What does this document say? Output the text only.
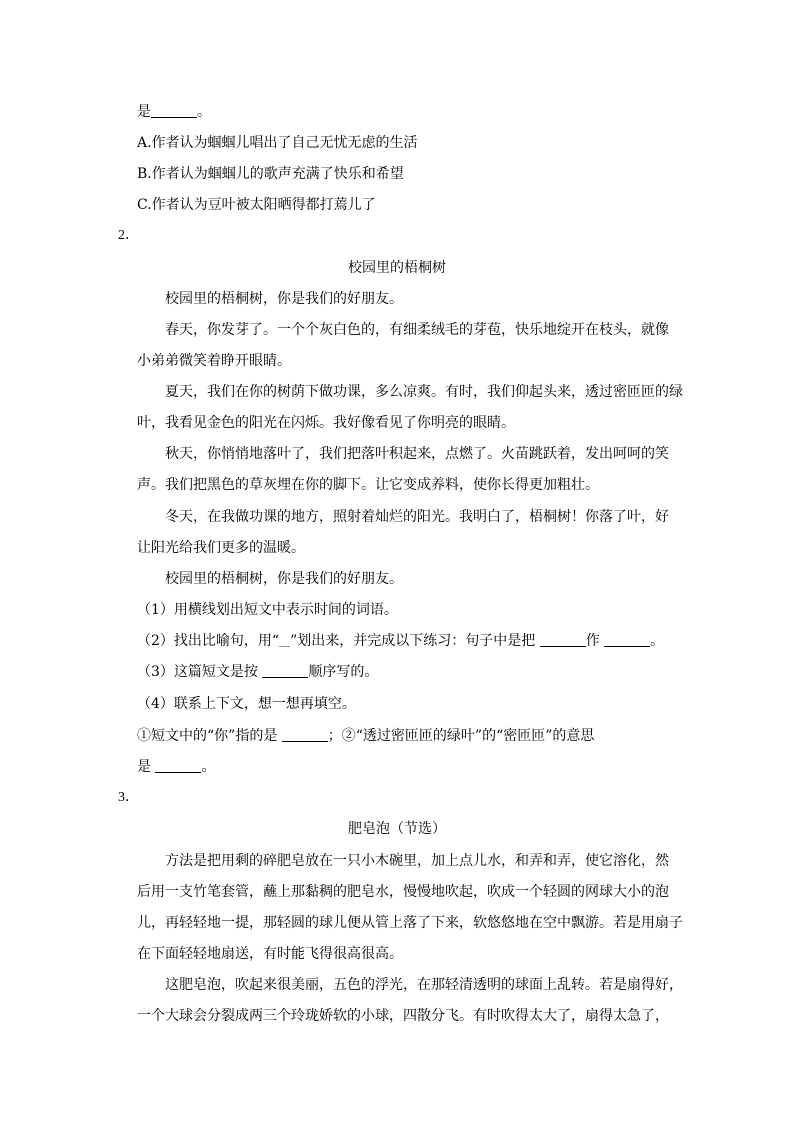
是	。
A.作者认为蝈蝈儿唱出了自己无忧无虑的生活
B.作者认为蝈蝈儿的歌声充满了快乐和希望
C.作者认为豆叶被太阳晒得都打蔫儿了
2．
校园里的梧桐树
校园里的梧桐树，你是我们的好朋友。
春天，你发芽了。一个个灰白色的，有细柔绒毛的芽苞，快乐地绽开在枝头，就像
小弟弟微笑着睁开眼睛。
夏天，我们在你的树荫下做功课，多么凉爽。有时，我们仰起头来，透过密匝匝的绿
叶，我看见金色的阳光在闪烁。我好像看见了你明亮的眼睛。
秋天，你悄悄地落叶了，我们把落叶积起来，点燃了。火苗跳跃着，发出呵呵的笑
声。我们把黑色的草灰埋在你的脚下。让它变成养料，使你长得更加粗壮。
冬天，在我做功课的地方，照射着灿烂的阳光。我明白了，梧桐树！你落了叶，好
让阳光给我们更多的温暖。
校园里的梧桐树，你是我们的好朋友。
（1）用横线划出短文中表示时间的词语。
（2）找出比喻句，用“＿”划出来，并完成以下练习：句子中是把	作	。
（3）这篇短文是按	顺序写的。
（4）联系上下文，想一想再填空。
①短文中的“你”指的是	；②“透过密匝匝的绿叶”的“密匝匝”的意思
是	。
3．
肥皂泡（节选）
方法是把用剩的碎肥皂放在一只小木碗里，加上点儿水，和弄和弄，使它溶化，然
后用一支竹笔套管，蘸上那黏稠的肥皂水，慢慢地吹起，吹成一个轻圆的网球大小的泡
儿，再轻轻地一提，那轻圆的球儿便从管上落了下来，软悠悠地在空中飘游。若是用扇子
在下面轻轻地扇送，有时能飞得很高很高。
这肥皂泡，吹起来很美丽，五色的浮光，在那轻清透明的球面上乱转。若是扇得好，
一个大球会分裂成两三个玲珑娇软的小球，四散分飞。有时吹得太大了，扇得太急了，
